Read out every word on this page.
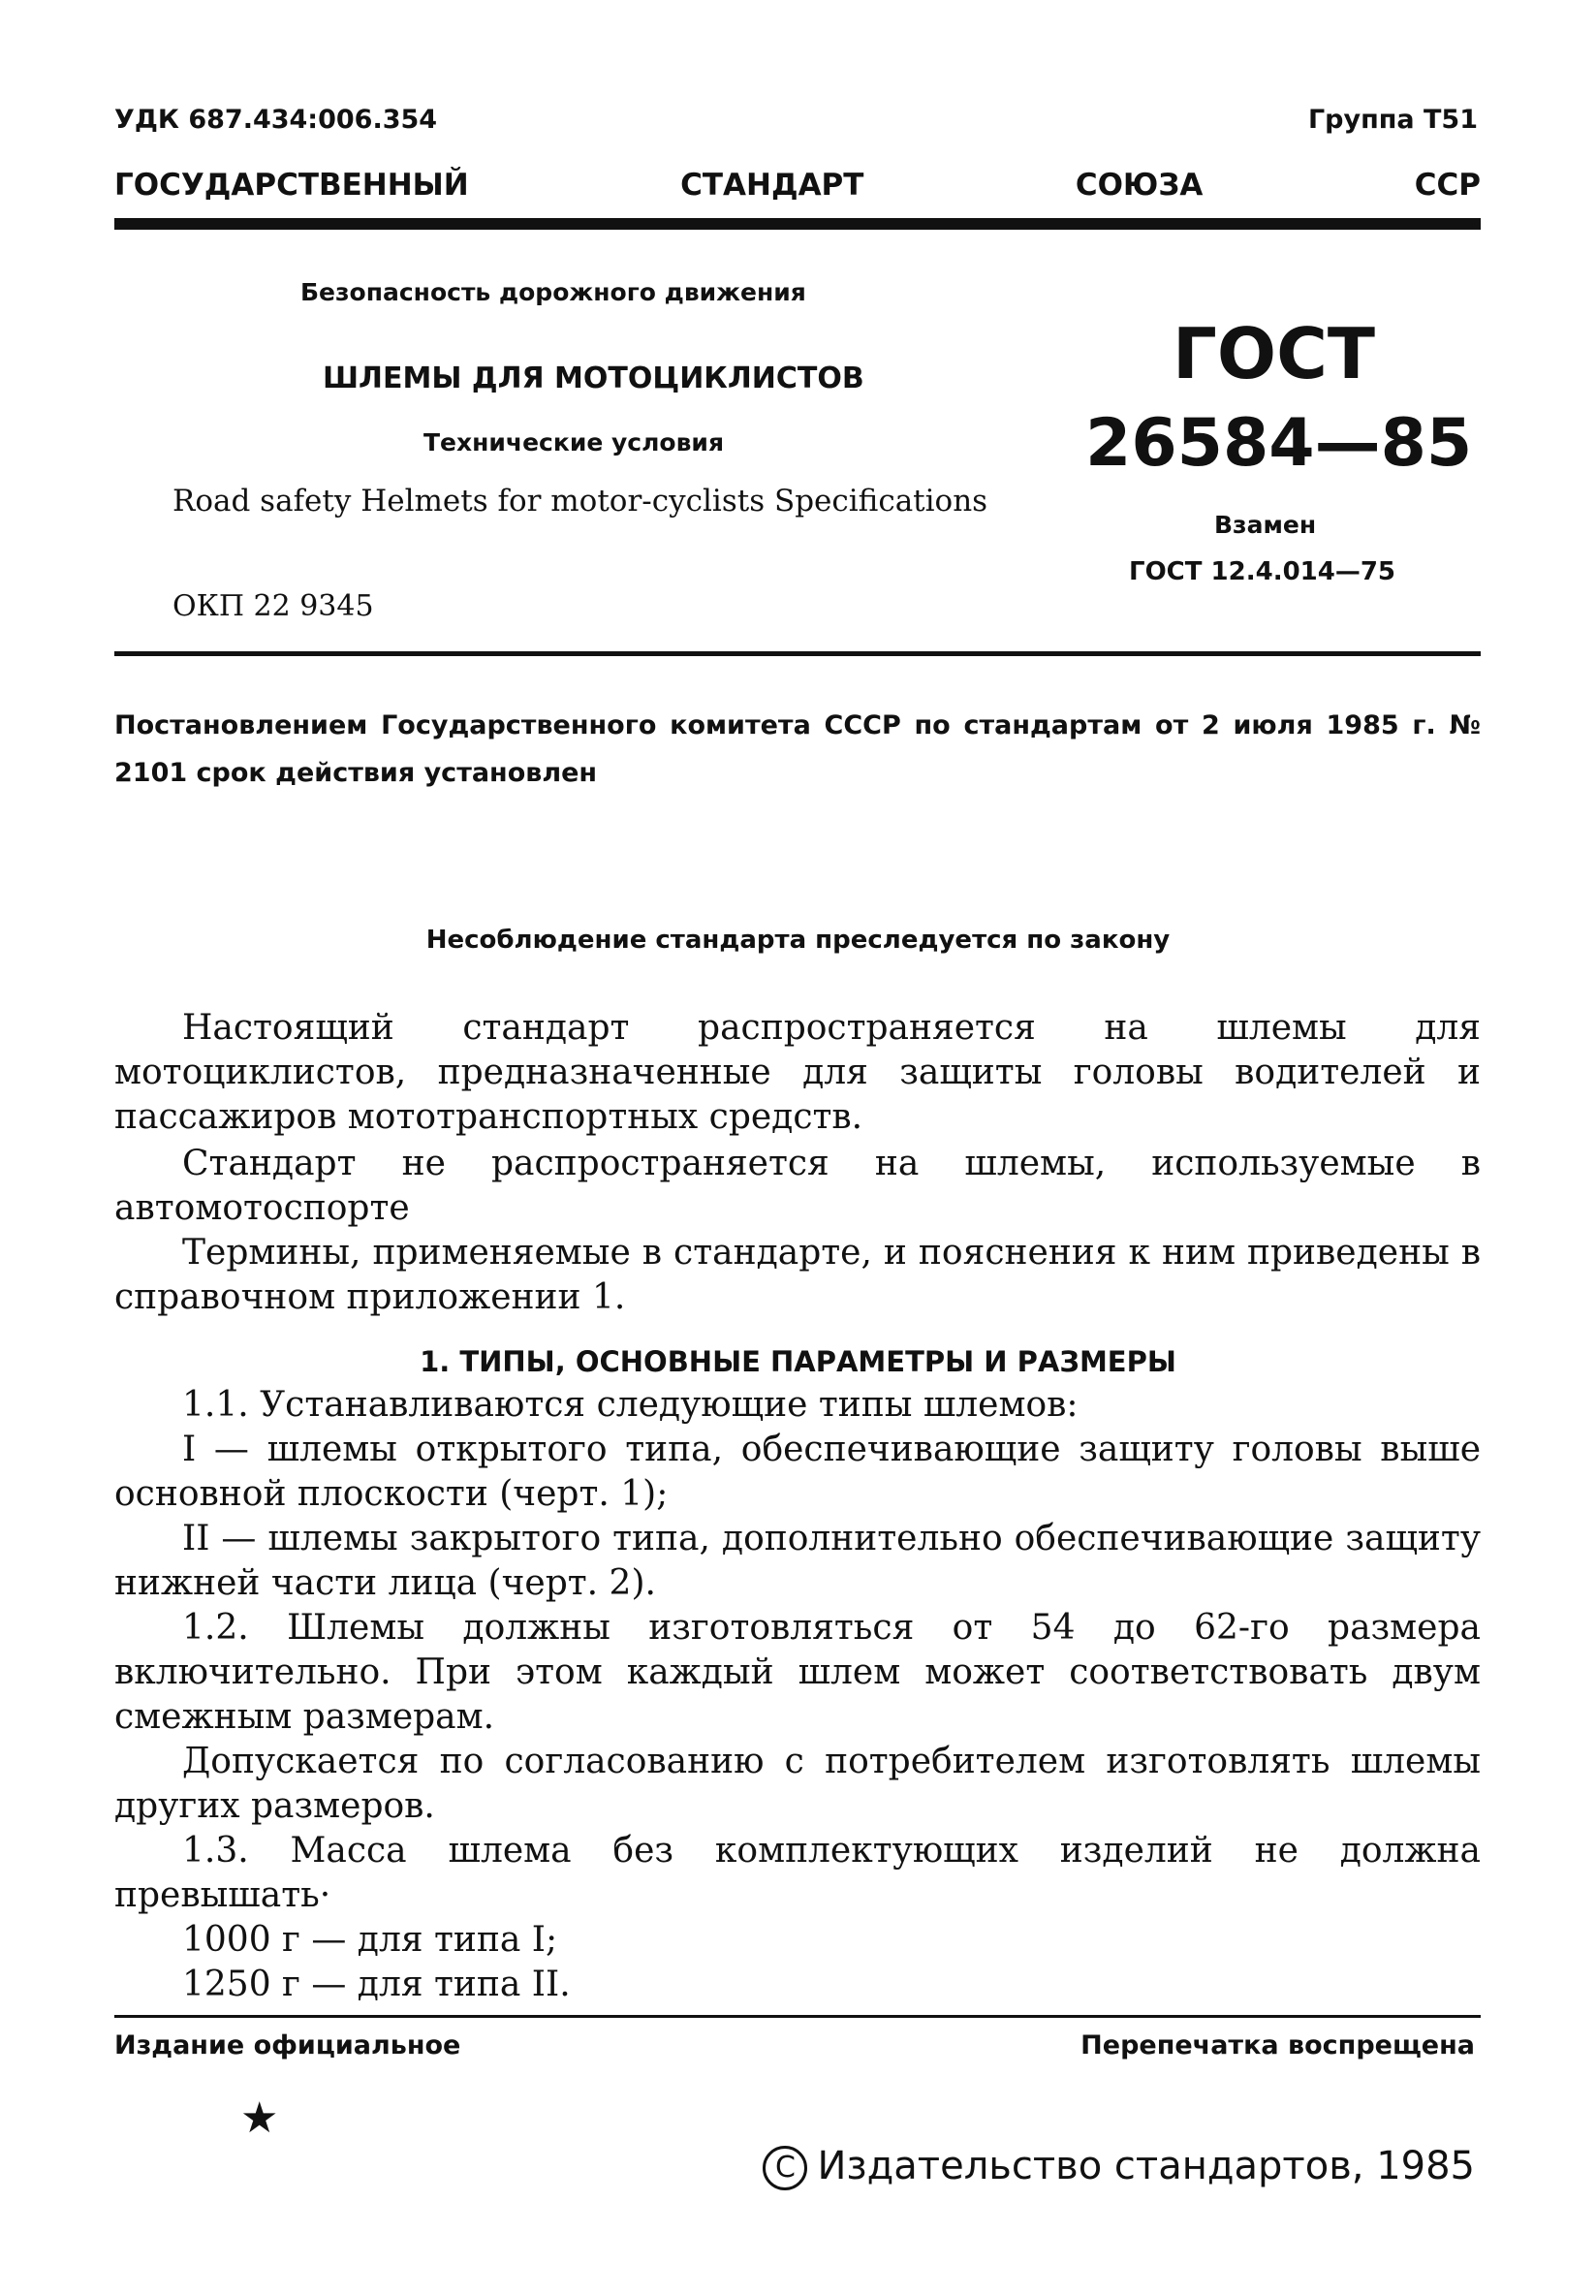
УДК 687.434:006.354	Группа Т51
ГОСУДАРСТВЕННЫЙ	СТАНДАРТ	СОЮЗА	ССР
Безопасность дорожного движения
ШЛЕМЫ ДЛЯ МОТОЦИКЛИСТОВ
Технические условия
Road safety Helmets for motor-cyclists Specifications
ОКП 22 9345
ГОСТ
26584—85
Взамен
ГОСТ 12.4.014—75
Постановлением Государственного комитета СССР по стандартам от 2 июля 1985 г. № 2101 срок действия установлен
Несоблюдение стандарта преследуется по закону
Настоящий стандарт распространяется на шлемы для мотоциклистов, предназначенные для защиты головы водителей и пассажиров мототранспортных средств.
Стандарт не распространяется на шлемы, используемые в автомотоспорте
Термины, применяемые в стандарте, и пояснения к ним приведены в справочном приложении 1.
1. ТИПЫ, ОСНОВНЫЕ ПАРАМЕТРЫ И РАЗМЕРЫ
1.1. Устанавливаются следующие типы шлемов:
I — шлемы открытого типа, обеспечивающие защиту головы выше основной плоскости (черт. 1);
II — шлемы закрытого типа, дополнительно обеспечивающие защиту нижней части лица (черт. 2).
1.2. Шлемы должны изготовляться от 54 до 62-го размера включительно. При этом каждый шлем может соответствовать двум смежным размерам.
Допускается по согласованию с потребителем изготовлять шлемы других размеров.
1.3. Масса шлема без комплектующих изделий не должна превышать·
1000 г — для типа I;
1250 г — для типа II.
Издание официальное	Перепечатка воспрещена
★
C Издательство стандартов, 1985
